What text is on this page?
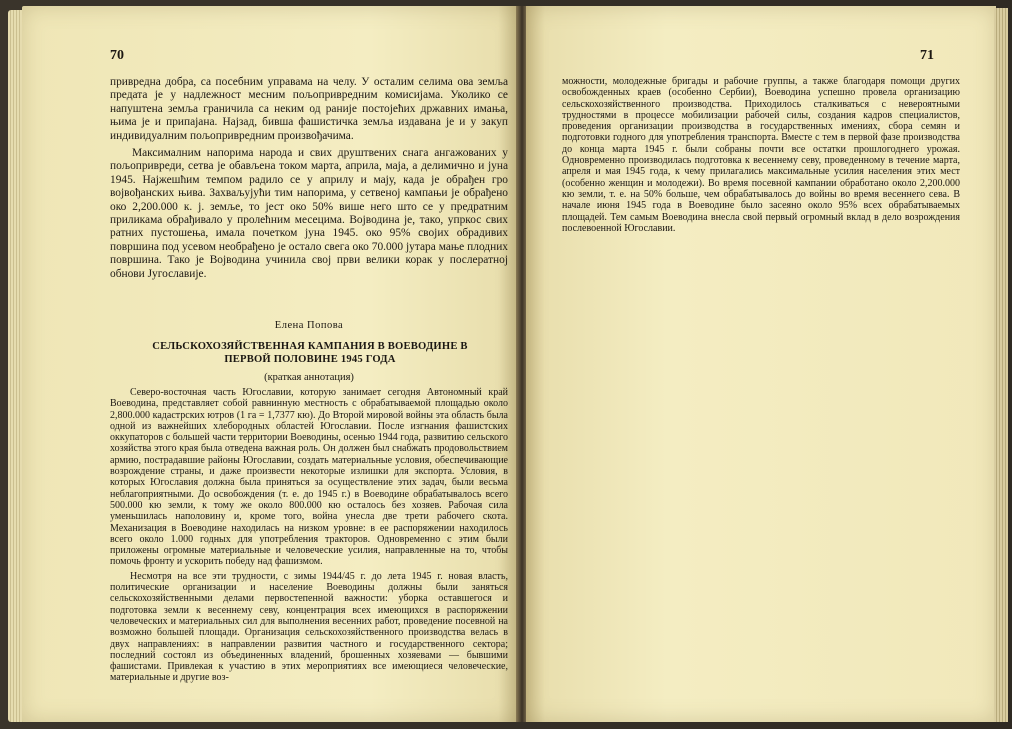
70

привредна добра, са посебним управама на челу. У осталим селима ова земља предата је у надлежност месним пољопривредним комисијама. Уколико се напуштена земља граничила са неким од раније постојећих државних имања, њима је и припајана. Најзад, бивша фашистичка земља издавана је и у закуп индивидуалним пољопривредним произвођачима.

Максималним напорима народа и свих друштвених снага ангажованих у пољопривреди, сетва је обављена током марта, априла, маја, а делимично и јуна 1945. Најжешћим темпом радило се у априлу и мају, када је обрађен гро војвођанских њива. Захваљујући тим напорима, у сетвеној кампањи је обрађено око 2,200.000 к. j. земље, то јест око 50% више него што се у предратним приликама обрађивало у пролећним месецима. Војводина је, тако, упркос свих ратних пустошења, имала почетком јуна 1945. око 95% својих обрадивих површина под усевом необрађено је остало свега око 70.000 јутара мање плодних површина. Тако је Војводина учинила свој први велики корак у послератној обнови Југославије.

Елена Попова
СЕЛЬСКОХОЗЯЙСТВЕННАЯ КАМПАНИЯ В ВОЕВОДИНЕ В ПЕРВОЙ ПОЛОВИНЕ 1945 ГОДА
(краткая аннотация)

Северо-восточная часть Югославии, которую занимает сегодня Автономный край Воеводина, представляет собой равнинную местность с обрабатываемой площадью около 2,800.000 кадастрских ютров (1 га = 1,7377 кю). До Второй мировой войны эта область была одной из важнейших хлебородных областей Югославии. После изгнания фашистских оккупаторов с большей части территории Воеводины, осенью 1944 года, развитию сельского хозяйства этого края была отведена важная роль. Он должен был снабжать продовольствием армию, пострадавшие районы Югославии, создать материальные условия, обеспечивающие возрождение страны, и даже произвести некоторые излишки для экспорта. Условия, в которых Югославия должна была приняться за осуществление этих задач, были весьма неблагоприятными. До освобождения (т. е. до 1945 г.) в Воеводине обрабатывалось всего 500.000 кю земли, к тому же около 800.000 кю осталось без хозяев. Рабочая сила уменьшилась наполовину и, кроме того, война унесла две трети рабочего скота. Механизация в Воеводине находилась на низком уровне: в ее распоряжении находилось всего около 1.000 годных для употребления тракторов. Одновременно с этим были приложены огромные материальные и человеческие усилия, направленные на то, чтобы помочь фронту и ускорить победу над фашизмом.

Несмотря на все эти трудности, с зимы 1944/45 г. до лета 1945 г. новая власть, политические организации и население Воеводины должны были заняться сельскохозяйственными делами первостепенной важности: уборка оставшегося и подготовка земли к весеннему севу, концентрация всех имеющихся в распоряжении человеческих и материальных сил для выполнения весенних работ, проведение посевной на возможно большей площади. Организация сельскохозяйственного производства велась в двух направлениях: в направлении развития частного и государственного сектора; последний состоял из объединенных владений, брошенных хозяевами — бывшими фашистами. Привлекая к участию в этих мероприятиях все имеющиеся человеческие, материальные и другие воз-

71

можности, молодежные бригады и рабочие группы, а также благодаря помощи других освобожденных краев (особенно Сербии), Воеводина успешно провела организацию сельскохозяйственного производства. Приходилось сталкиваться с невероятными трудностями в процессе мобилизации рабочей силы, создания кадров специалистов, проведения организации производства в государственных имениях, сбора семян и подготовки годного для употребления транспорта. Вместе с тем в первой фазе производства до конца марта 1945 г. были собраны почти все остатки прошлогоднего урожая. Одновременно производилась подготовка к весеннему севу, проведенному в течение марта, апреля и мая 1945 года, к чему прилагались максимальные усилия населения этих мест (особенно женщин и молодежи). Во время посевной кампании обработано около 2,200.000 кю земли, т. е. на 50% больше, чем обрабатывалось до войны во время весеннего сева. В начале июня 1945 года в Воеводине было засеяно около 95% всех обрабатываемых площадей. Тем самым Воеводина внесла свой первый огромный вклад в дело возрождения послевоенной Югославии.
